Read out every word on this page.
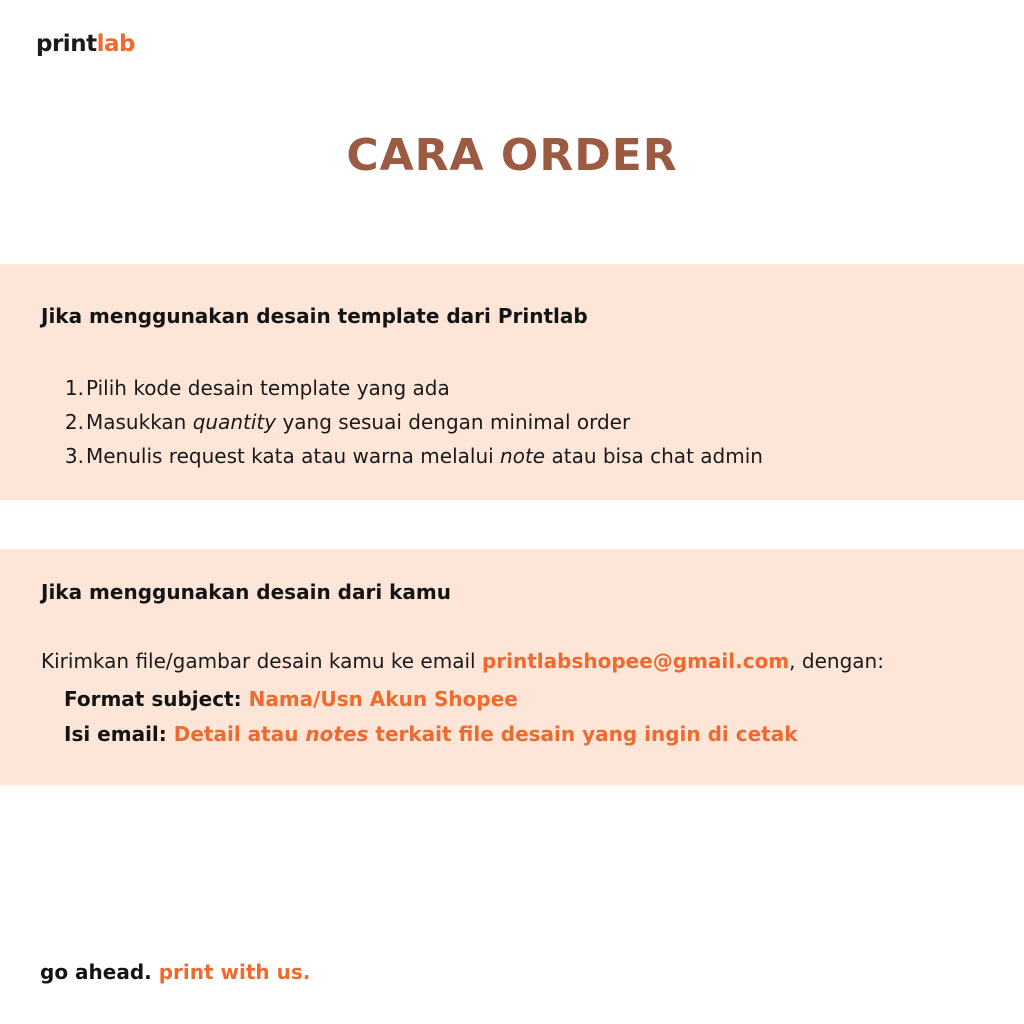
printlab
CARA ORDER
Jika menggunakan desain template dari Printlab
1. Pilih kode desain template yang ada
2. Masukkan quantity yang sesuai dengan minimal order
3. Menulis request kata atau warna melalui note atau bisa chat admin
Jika menggunakan desain dari kamu
Kirimkan file/gambar desain kamu ke email printlabshopee@gmail.com, dengan:
Format subject: Nama/Usn Akun Shopee
Isi email: Detail atau notes terkait file desain yang ingin di cetak
go ahead. print with us.
